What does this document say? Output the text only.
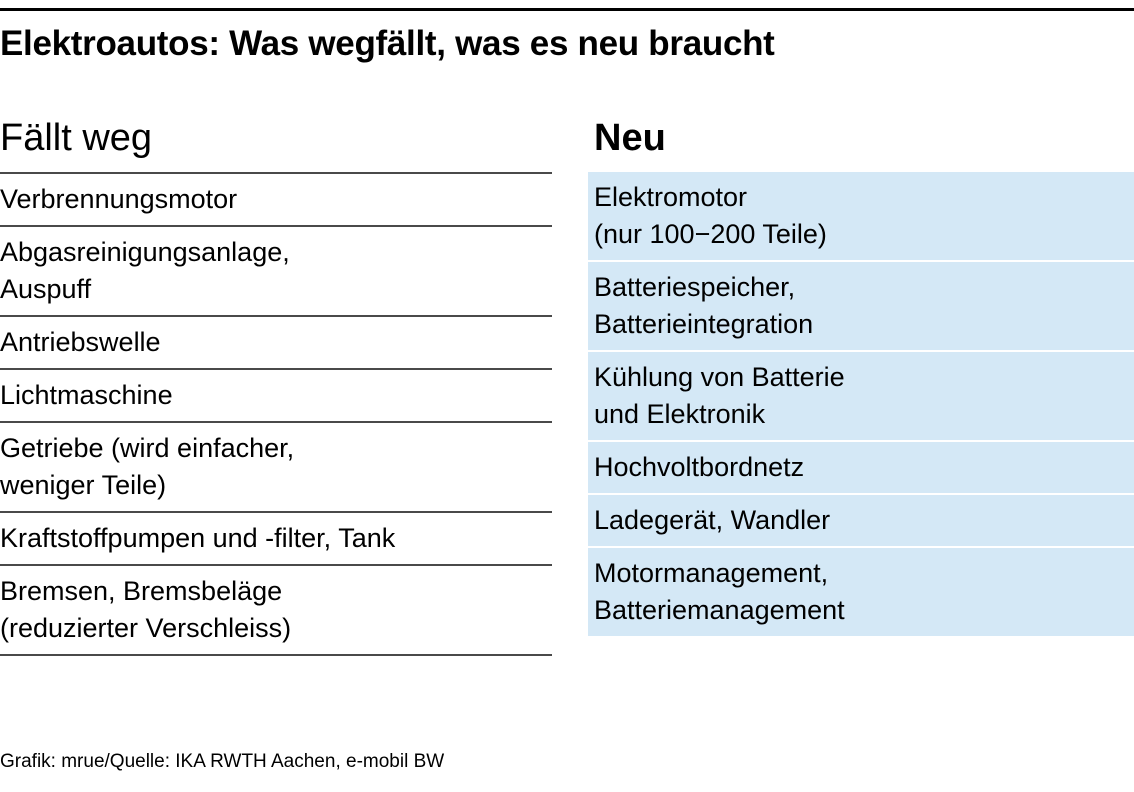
Elektroautos: Was wegfällt, was es neu braucht
Fällt weg
Verbrennungsmotor
Abgasreinigungsanlage,
Auspuff
Antriebswelle
Lichtmaschine
Getriebe (wird einfacher,
weniger Teile)
Kraftstoffpumpen und -filter, Tank
Bremsen, Bremsbeläge
(reduzierter Verschleiss)
Neu
Elektromotor
(nur 100−200 Teile)
Batteriespeicher,
Batterieintegration
Kühlung von Batterie
und Elektronik
Hochvoltbordnetz
Ladegerät, Wandler
Motormanagement,
Batteriemanagement
Grafik: mrue/Quelle: IKA RWTH Aachen, e-mobil BW
